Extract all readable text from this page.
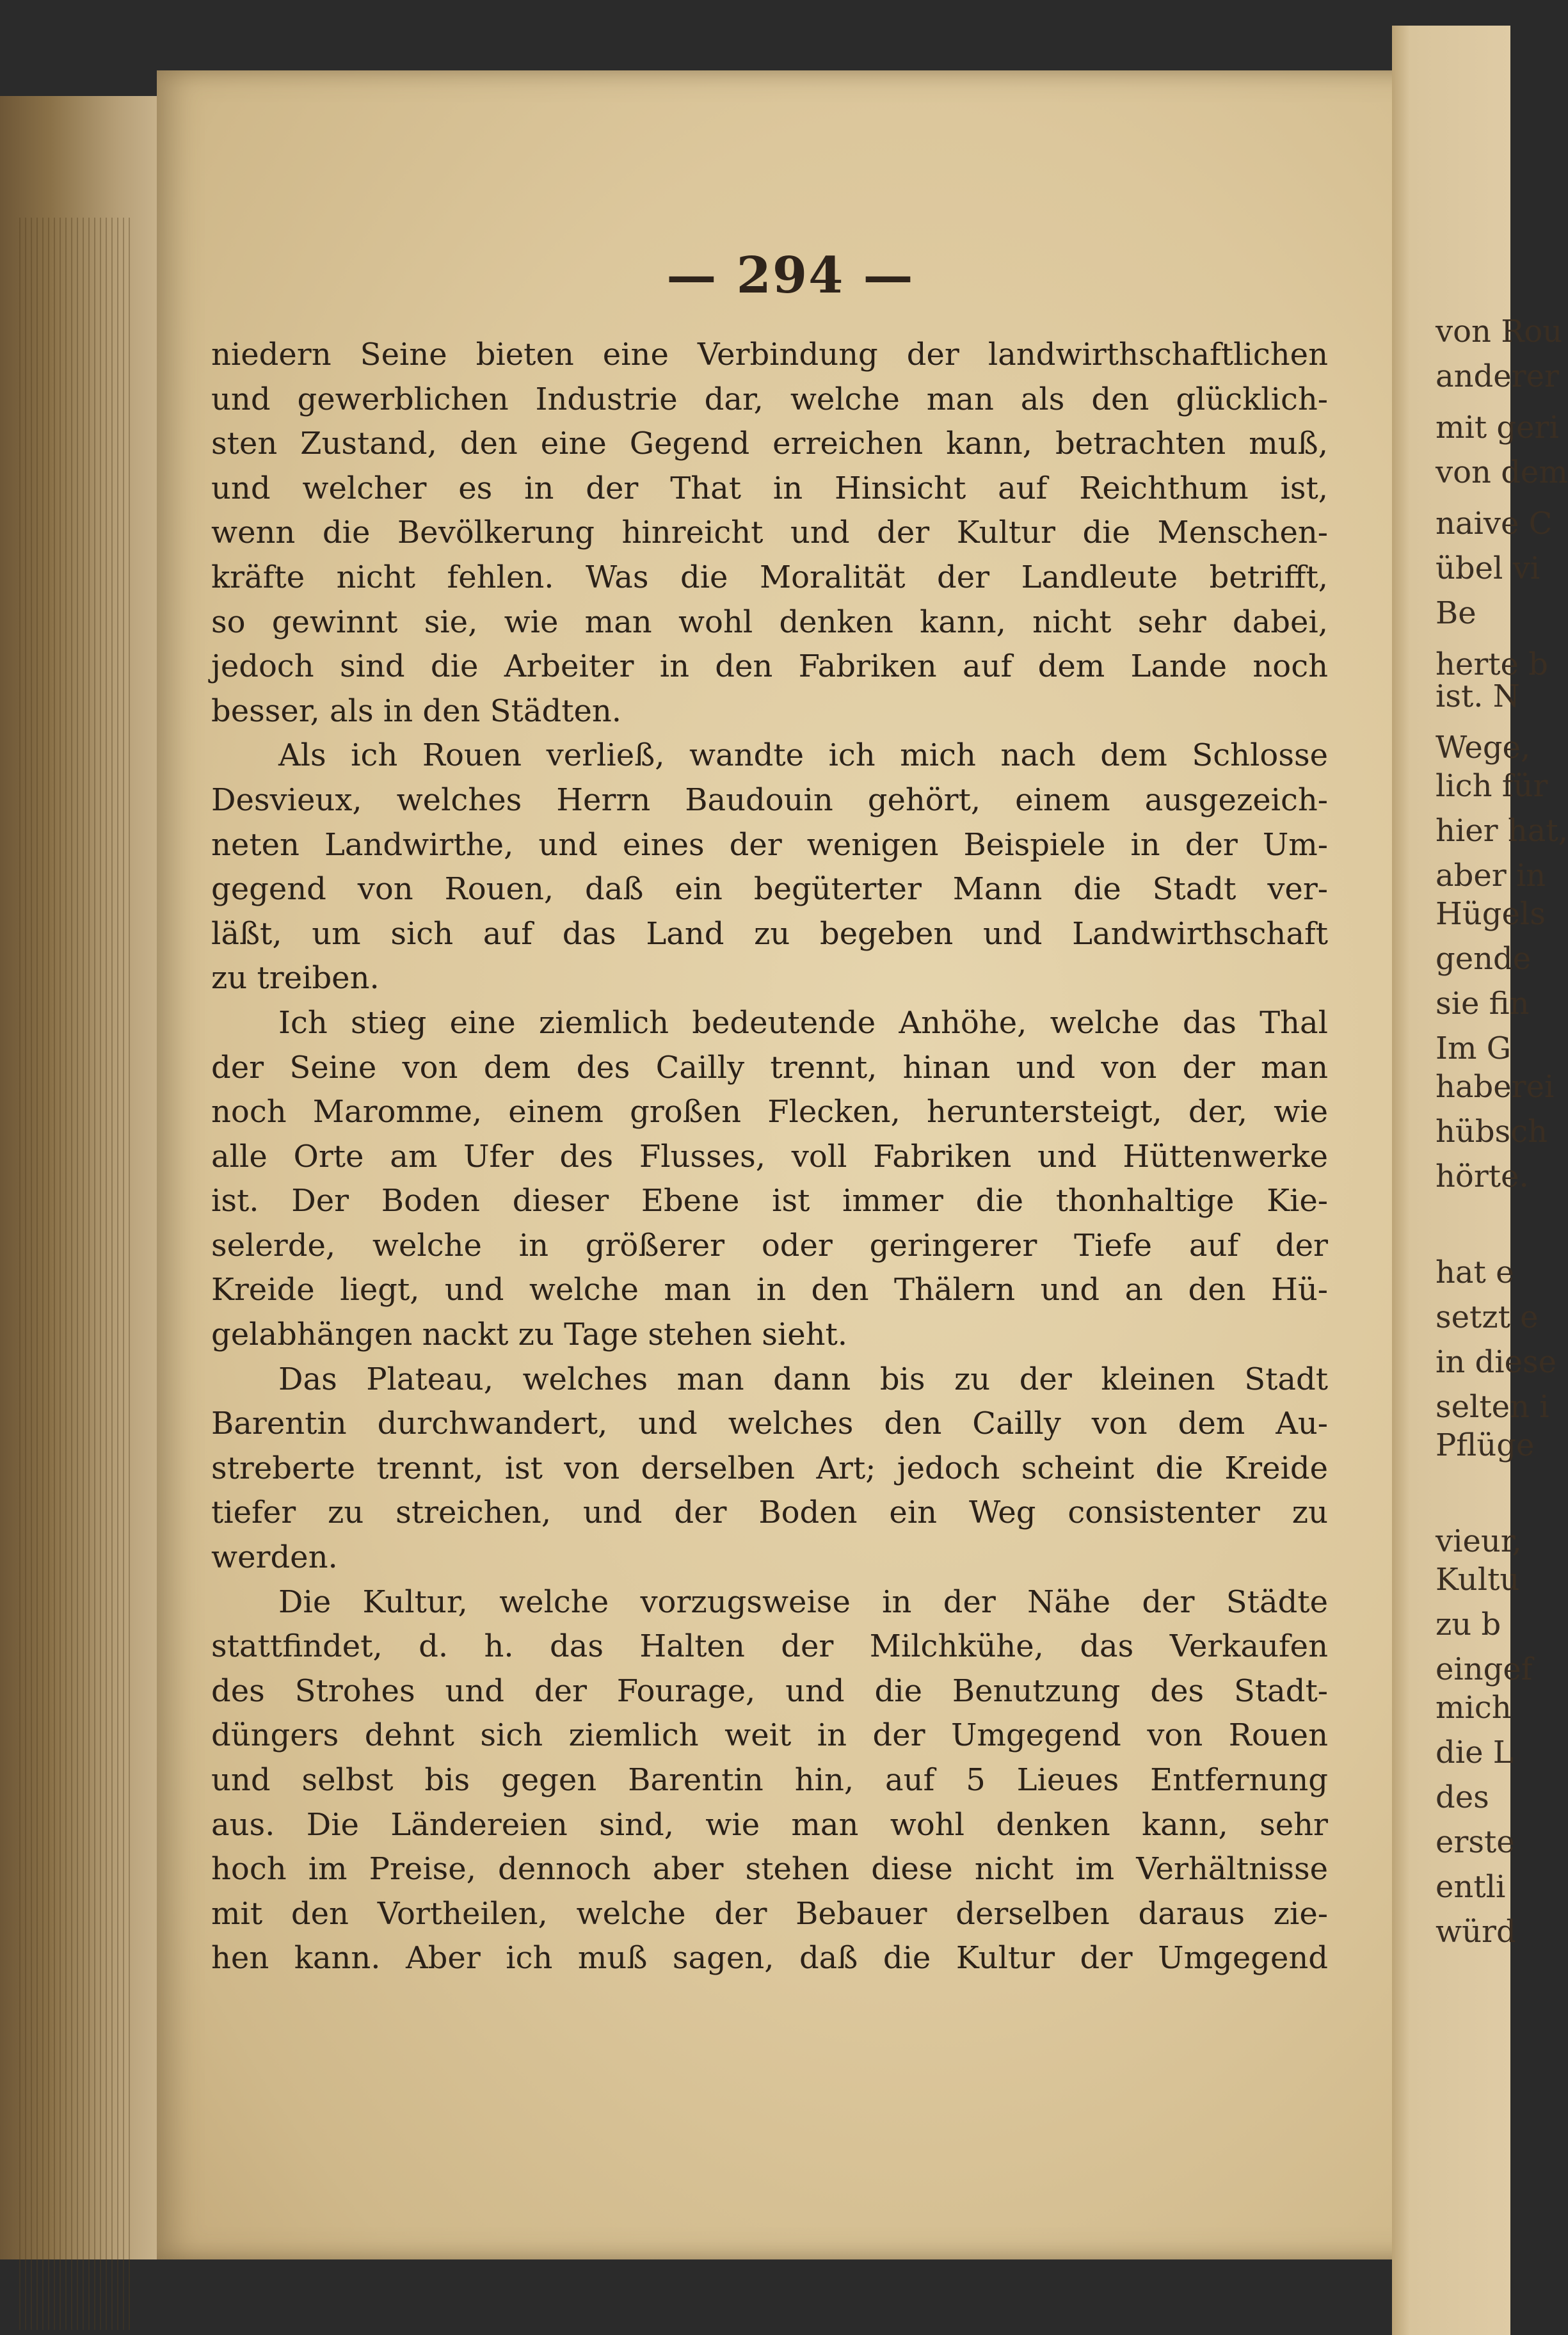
— 294 —
niedern Seine bieten eine Verbindung der landwirthschaftlichen
und gewerblichen Industrie dar, welche man als den glücklich-
sten Zustand, den eine Gegend erreichen kann, betrachten muß,
und welcher es in der That in Hinsicht auf Reichthum ist,
wenn die Bevölkerung hinreicht und der Kultur die Menschen-
kräfte nicht fehlen. Was die Moralität der Landleute betrifft,
so gewinnt sie, wie man wohl denken kann, nicht sehr dabei,
jedoch sind die Arbeiter in den Fabriken auf dem Lande noch
besser, als in den Städten.
Als ich Rouen verließ, wandte ich mich nach dem Schlosse
Desvieux, welches Herrn Baudouin gehört, einem ausgezeich-
neten Landwirthe, und eines der wenigen Beispiele in der Um-
gegend von Rouen, daß ein begüterter Mann die Stadt ver-
läßt, um sich auf das Land zu begeben und Landwirthschaft
zu treiben.
Ich stieg eine ziemlich bedeutende Anhöhe, welche das Thal
der Seine von dem des Cailly trennt, hinan und von der man
noch Maromme, einem großen Flecken, heruntersteigt, der, wie
alle Orte am Ufer des Flusses, voll Fabriken und Hüttenwerke
ist. Der Boden dieser Ebene ist immer die thonhaltige Kie-
selerde, welche in größerer oder geringerer Tiefe auf der
Kreide liegt, und welche man in den Thälern und an den Hü-
gelabhängen nackt zu Tage stehen sieht.
Das Plateau, welches man dann bis zu der kleinen Stadt
Barentin durchwandert, und welches den Cailly von dem Au-
streberte trennt, ist von derselben Art; jedoch scheint die Kreide
tiefer zu streichen, und der Boden ein Weg consistenter zu
werden.
Die Kultur, welche vorzugsweise in der Nähe der Städte
stattfindet, d. h. das Halten der Milchkühe, das Verkaufen
des Strohes und der Fourage, und die Benutzung des Stadt-
düngers dehnt sich ziemlich weit in der Umgegend von Rouen
und selbst bis gegen Barentin hin, auf 5 Lieues Entfernung
aus. Die Ländereien sind, wie man wohl denken kann, sehr
hoch im Preise, dennoch aber stehen diese nicht im Verhältnisse
mit den Vortheilen, welche der Bebauer derselben daraus zie-
hen kann. Aber ich muß sagen, daß die Kultur der Umgegend
von Rou
anderer
mit geri
von dem
naive C
übel vi
Be
herte b
ist. N
Wege,
lich für
hier hat,
aber in
Hügels
gende
sie fin
Im G
haberei
hübsch
hörte.
hat e
setzt e
in diese
selten i
Pflüge
vieur,
Kultu
zu b
eingef
mich
die L
des
erste
entli
würd
